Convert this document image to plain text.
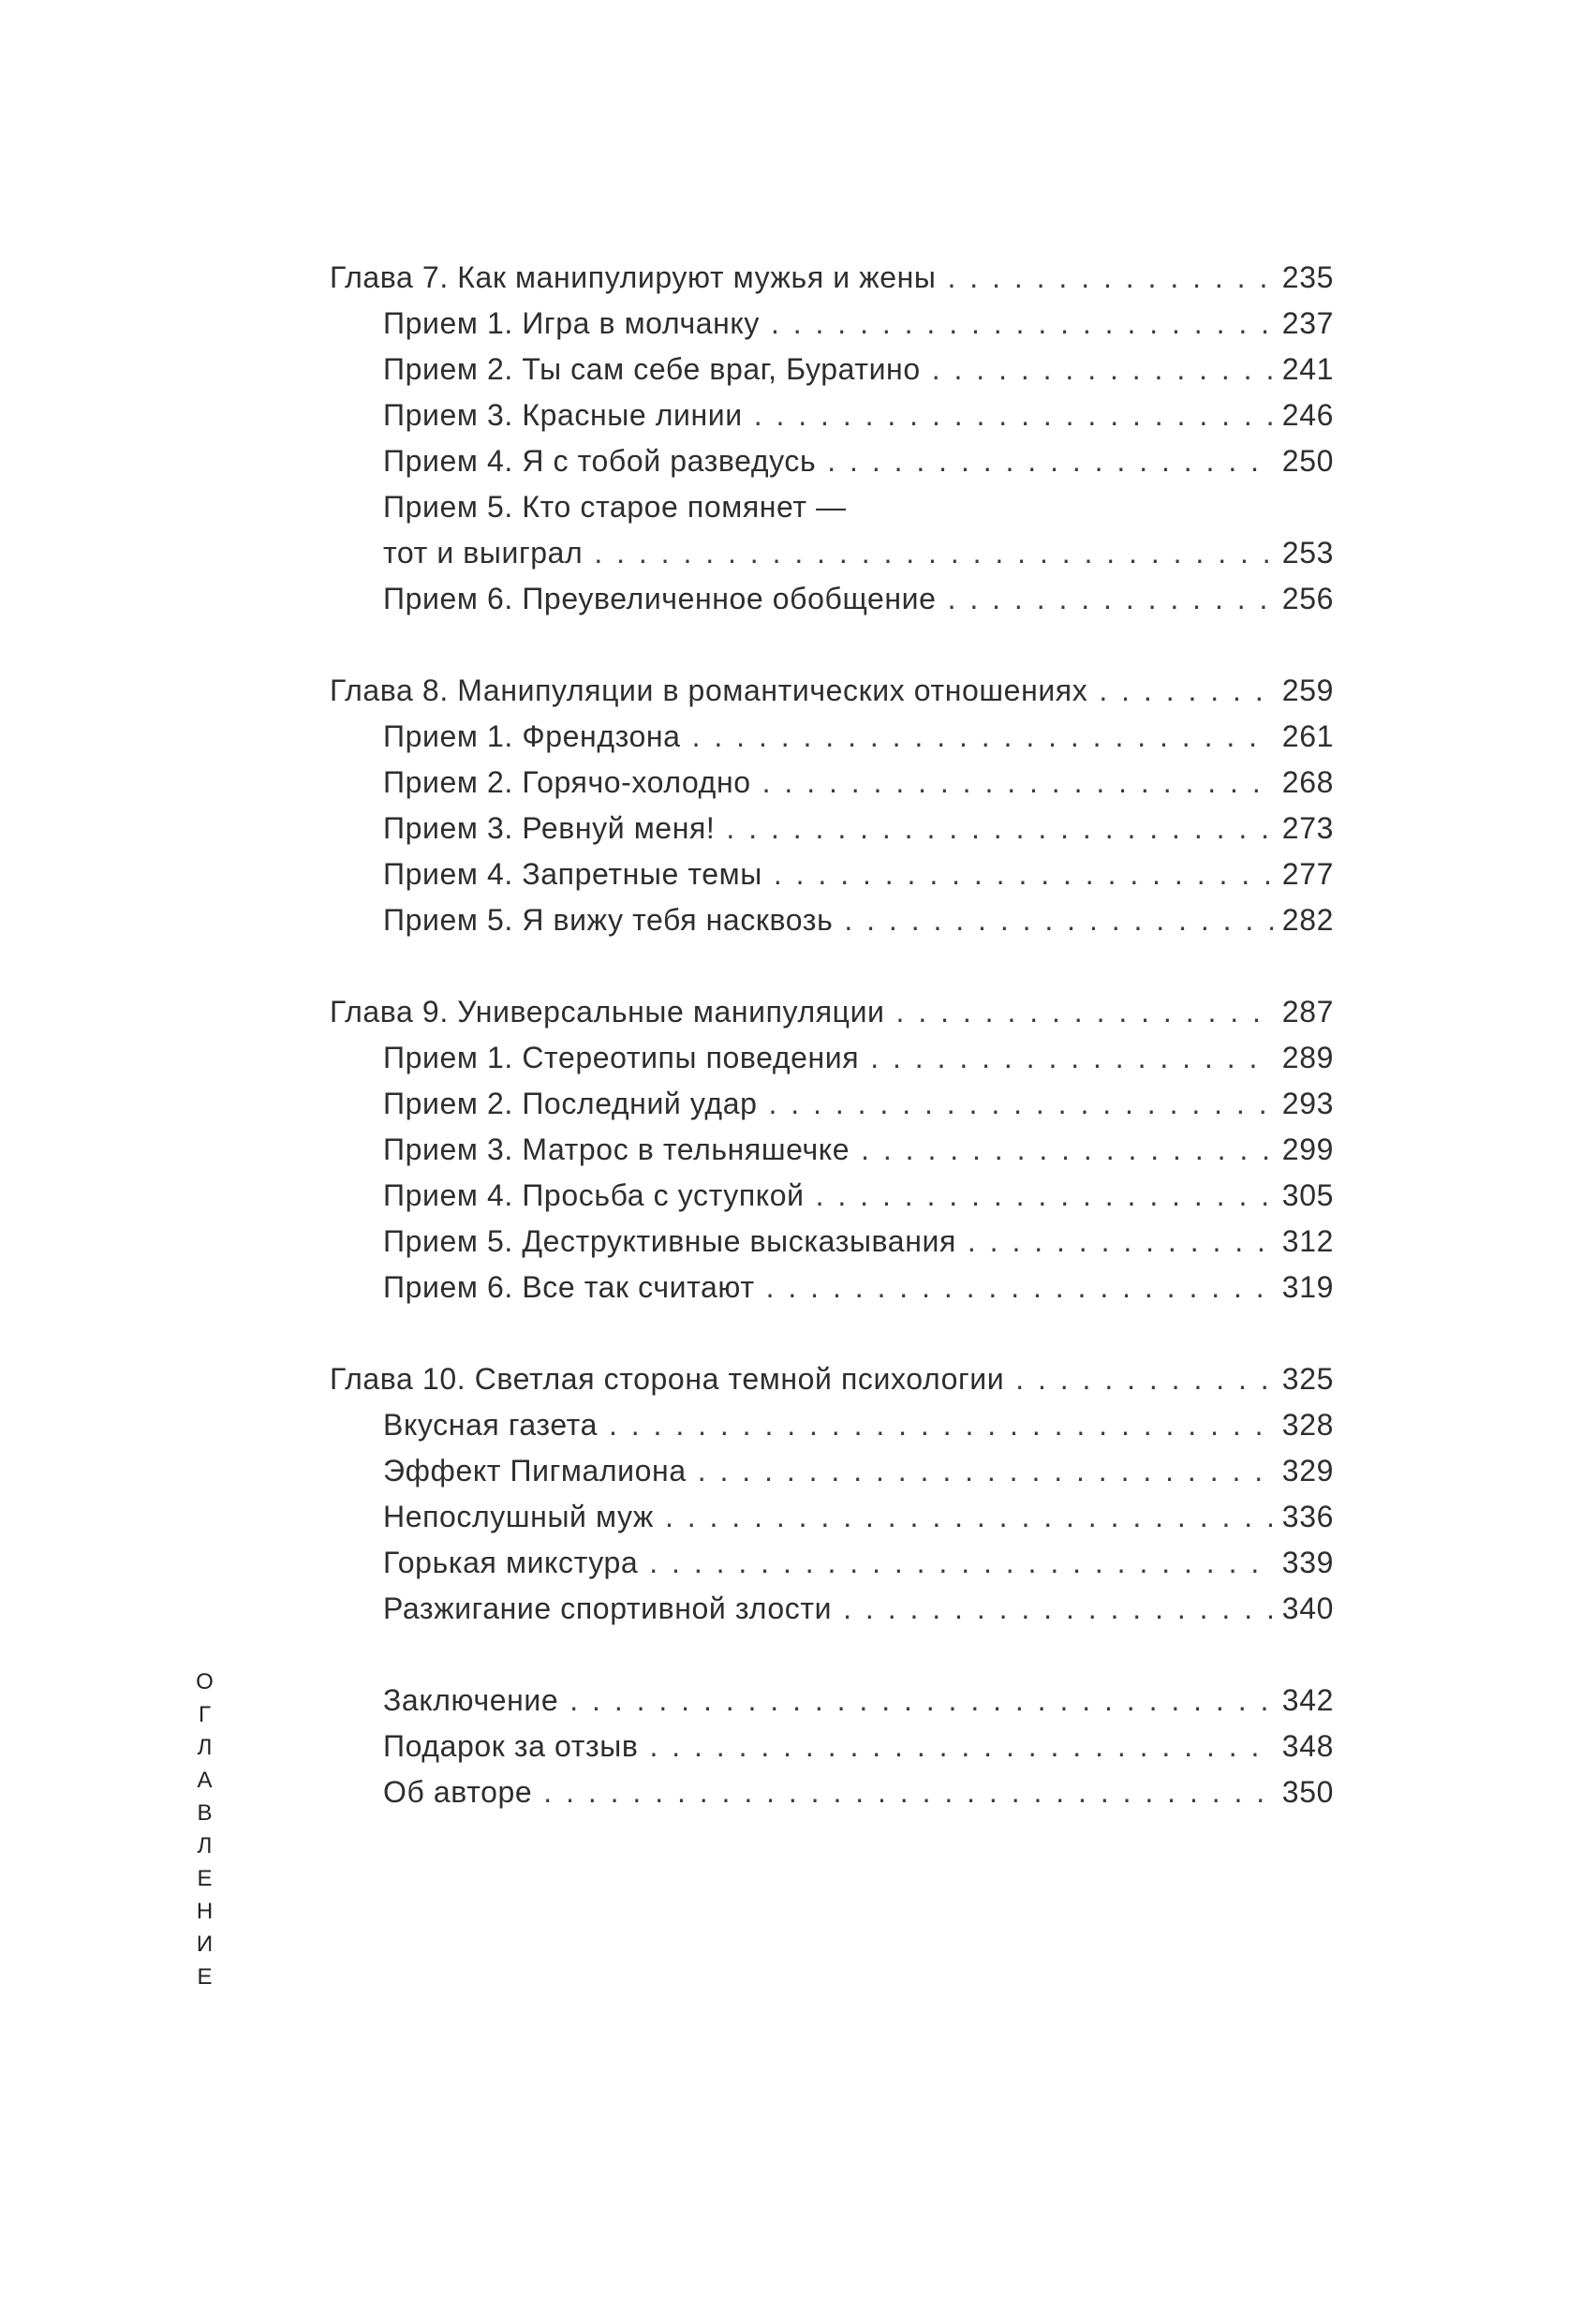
Глава 7. Как манипулируют мужья и жены . . .	235
Прием 1. Игра в молчанку . . .	237
Прием 2. Ты сам себе враг, Буратино . . .	241
Прием 3. Красные линии . . .	246
Прием 4. Я с тобой разведусь . . .	250
Прием 5. Кто старое помянет —
тот и выиграл . . .	253
Прием 6. Преувеличенное обобщение . . .	256
Глава 8. Манипуляции в романтических отношениях . . .	259
Прием 1. Френдзона . . .	261
Прием 2. Горячо-холодно . . .	268
Прием 3. Ревнуй меня! . . .	273
Прием 4. Запретные темы . . .	277
Прием 5. Я вижу тебя насквозь . . .	282
Глава 9. Универсальные манипуляции . . .	287
Прием 1. Стереотипы поведения . . .	289
Прием 2. Последний удар . . .	293
Прием 3. Матрос в тельняшечке . . .	299
Прием 4. Просьба с уступкой . . .	305
Прием 5. Деструктивные высказывания . . .	312
Прием 6. Все так считают . . .	319
Глава 10. Светлая сторона темной психологии . . .	325
Вкусная газета . . .	328
Эффект Пигмалиона . . .	329
Непослушный муж . . .	336
Горькая микстура . . .	339
Разжигание спортивной злости . . .	340
Заключение . . .	342
Подарок за отзыв . . .	348
Об авторе . . .	350
ОГЛАВЛЕНИЕ
